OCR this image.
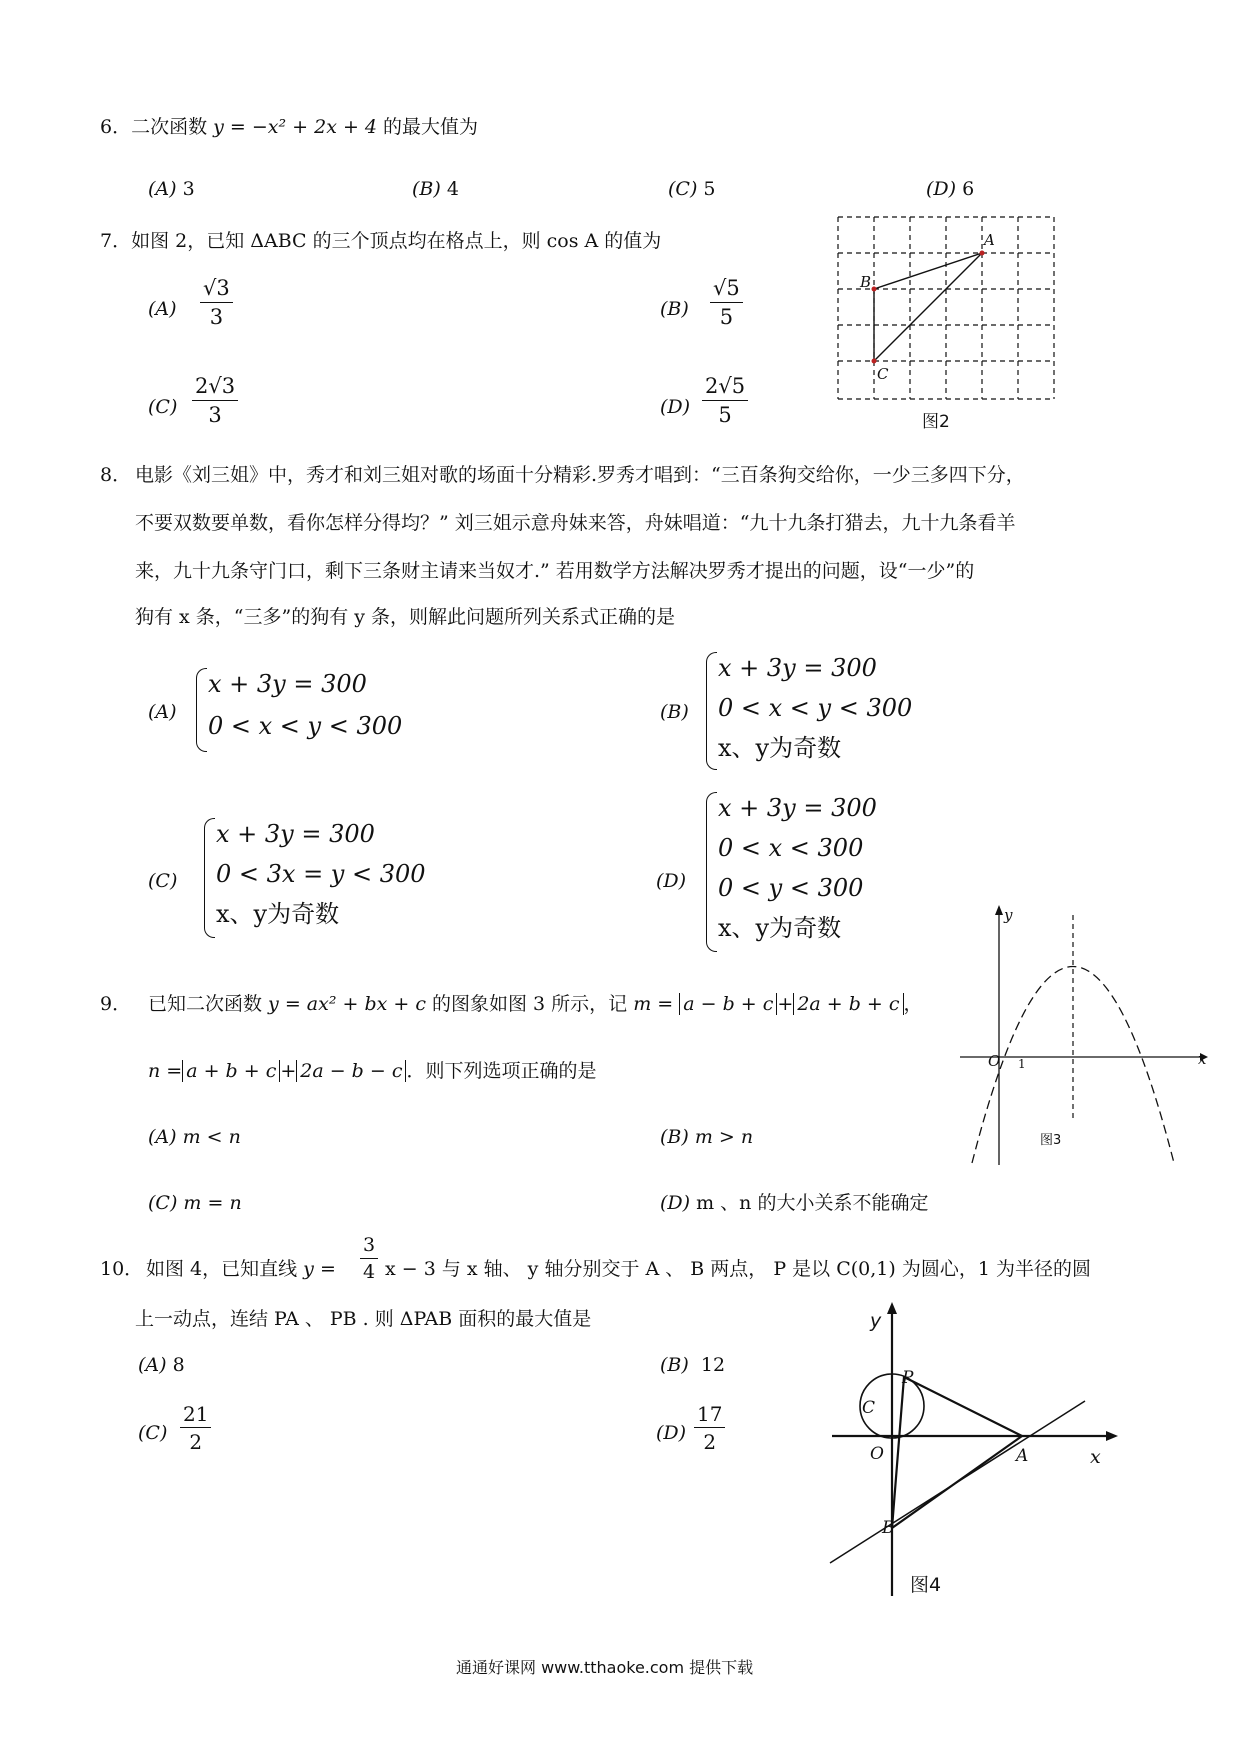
6．二次函数 y = −x² + 2x + 4 的最大值为
(A) 3	(B) 4	(C) 5	(D) 6
7．如图 2，已知 ΔABC 的三个顶点均在格点上，则 cos A 的值为
$(A) \frac{√3}{3}$	$(B) \frac{√5}{5}$
$(C) \frac{2√3}{3}$	$(D) \frac{2√5}{5}$
A
B
C
图2
8． 电影《刘三姐》中，秀才和刘三姐对歌的场面十分精彩.罗秀才唱到：“三百条狗交给你，一少三多四下分，
不要双数要单数，看你怎样分得均？” 刘三姐示意舟妹来答，舟妹唱道：“九十九条打猎去，九十九条看羊
来，九十九条守门口，剩下三条财主请来当奴才.” 若用数学方法解决罗秀才提出的问题，设“一少”的
狗有 x 条，“三多”的狗有 y 条，则解此问题所列关系式正确的是
(A)
x + 3y = 300
0 < x < y < 300	(B)
x + 3y = 300
0 < x < y < 300
x、y为奇数
(C)
x + 3y = 300
0 < 3x = y < 300
x、y为奇数
(D)
x + 3y = 300
0 < x < 300
0 < y < 300
x、y为奇数
9． 已知二次函数 y = ax² + bx + c 的图象如图 3 所示，记 m = a − b + c + 2a + b + c ，
n = a + b + c + 2a − b − c ．则下列选项正确的是
(A) m < n	(B) m > n
(C) m = n	(D) m 、n 的大小关系不能确定
y
x
O 1
图3
10． 如图 4，已知直线 $y = \frac{3}{4}$ x − 3 与 x 轴、 y 轴分别交于 A 、 B 两点， P 是以 C(0,1) 为圆心，1 为半径的圆
上一动点，连结 PA 、 PB . 则 ΔPAB 面积的最大值是
(A) 8	(B) 12
$(C) \frac{21}{2}$	$(D) \frac{17}{2}$
y
x
O	A
B
C
P
图4
通通好课网 www.tthaoke.com 提供下载
